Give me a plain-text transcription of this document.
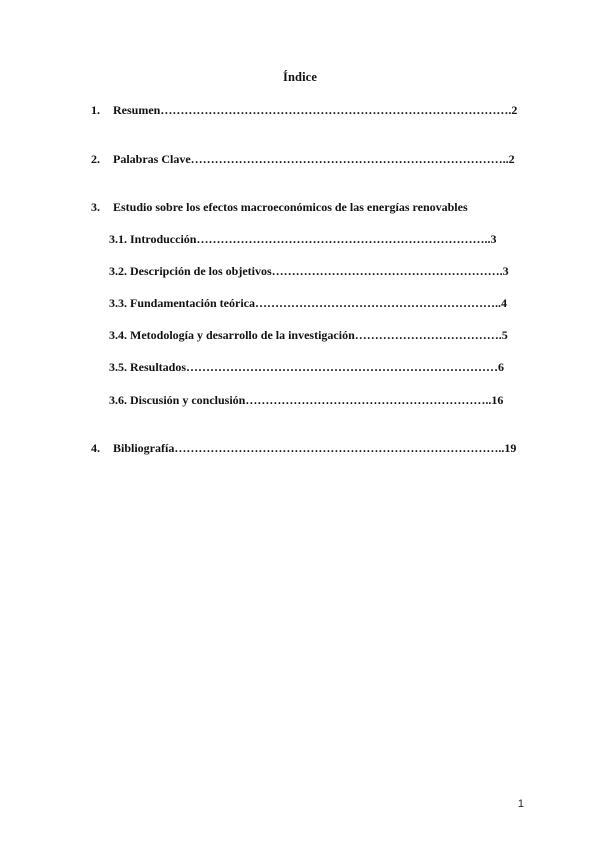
Índice
1. Resumen…………………………………………………………………………….2
2. Palabras Clave……………………………………………………………………..2
3. Estudio sobre los efectos macroeconómicos de las energías renovables
3.1. Introducción………………………………………………………………..3
3.2. Descripción de los objetivos………………………………………………….3
3.3. Fundamentación teórica……………………………………………………..4
3.4. Metodología y desarrollo de la investigación……………………………….5
3.5. Resultados……………………………………………………………………6
3.6. Discusión y conclusión……………………………………………………..16
4. Bibliografía………………………………………………………………………..19
1
